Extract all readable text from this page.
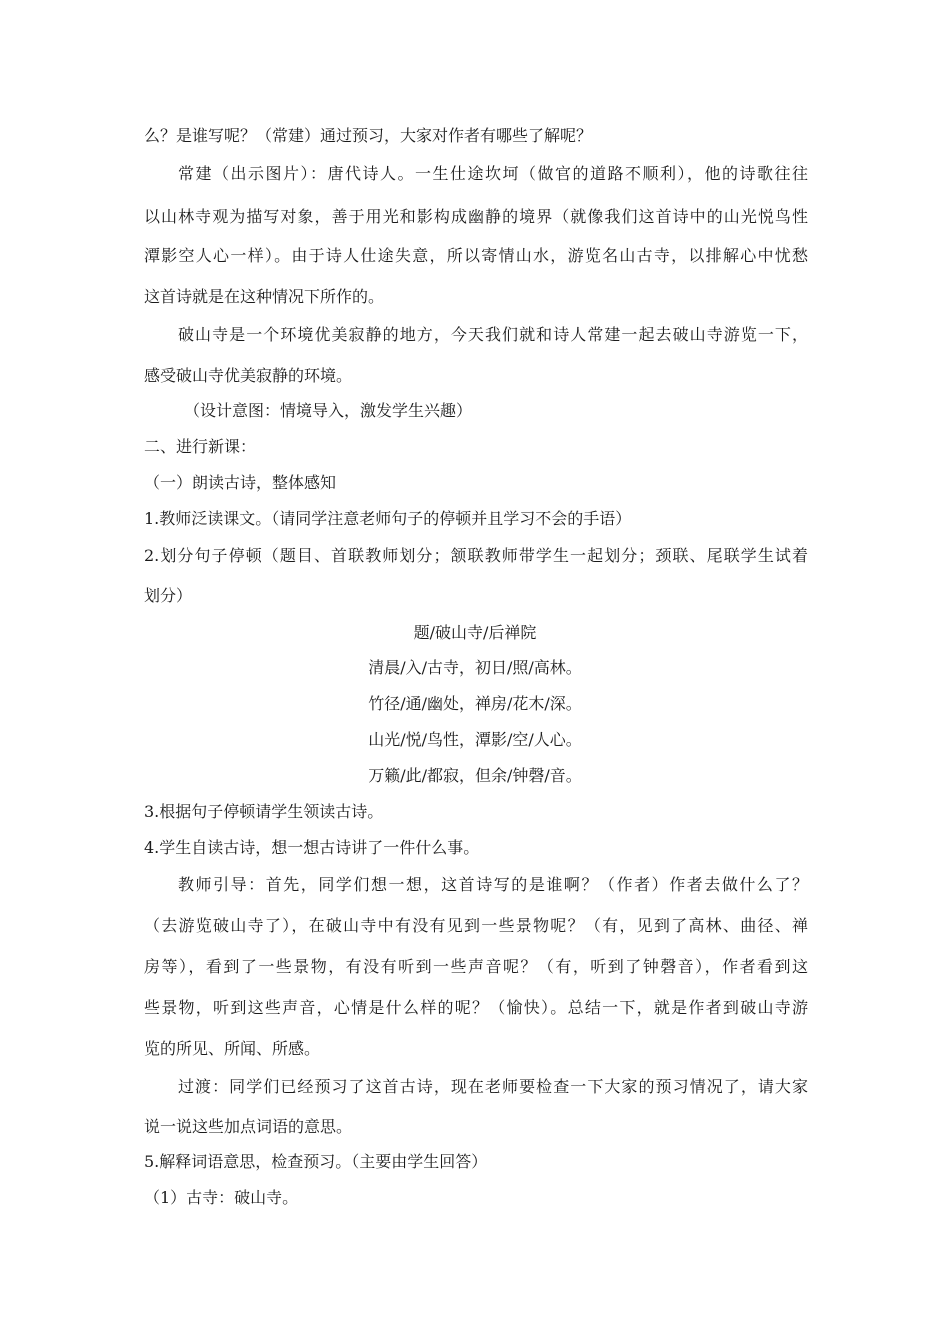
么？是谁写呢？（常建）通过预习，大家对作者有哪些了解呢？

常建（出示图片）：唐代诗人。一生仕途坎坷（做官的道路不顺利），他的诗歌往往

以山林寺观为描写对象，善于用光和影构成幽静的境界（就像我们这首诗中的山光悦鸟性

潭影空人心一样）。由于诗人仕途失意，所以寄情山水，游览名山古寺，以排解心中忧愁

这首诗就是在这种情况下所作的。

破山寺是一个环境优美寂静的地方，今天我们就和诗人常建一起去破山寺游览一下，

感受破山寺优美寂静的环境。

（设计意图：情境导入，激发学生兴趣）

二、进行新课：

（一）朗读古诗，整体感知

1.教师泛读课文。（请同学注意老师句子的停顿并且学习不会的手语）

2.划分句子停顿（题目、首联教师划分；颔联教师带学生一起划分；颈联、尾联学生试着

划分）

题/破山寺/后禅院

清晨/入/古寺，初日/照/高林。

竹径/通/幽处，禅房/花木/深。

山光/悦/鸟性，潭影/空/人心。

万籁/此/都寂，但余/钟磬/音。

3.根据句子停顿请学生领读古诗。

4.学生自读古诗，想一想古诗讲了一件什么事。

教师引导：首先，同学们想一想，这首诗写的是谁啊？（作者）作者去做什么了？

（去游览破山寺了），在破山寺中有没有见到一些景物呢？（有，见到了高林、曲径、禅

房等），看到了一些景物，有没有听到一些声音呢？（有，听到了钟磬音），作者看到这

些景物，听到这些声音，心情是什么样的呢？（愉快）。总结一下，就是作者到破山寺游

览的所见、所闻、所感。

过渡：同学们已经预习了这首古诗，现在老师要检查一下大家的预习情况了，请大家

说一说这些加点词语的意思。

5.解释词语意思，检查预习。（主要由学生回答）

（1）古寺：破山寺。
